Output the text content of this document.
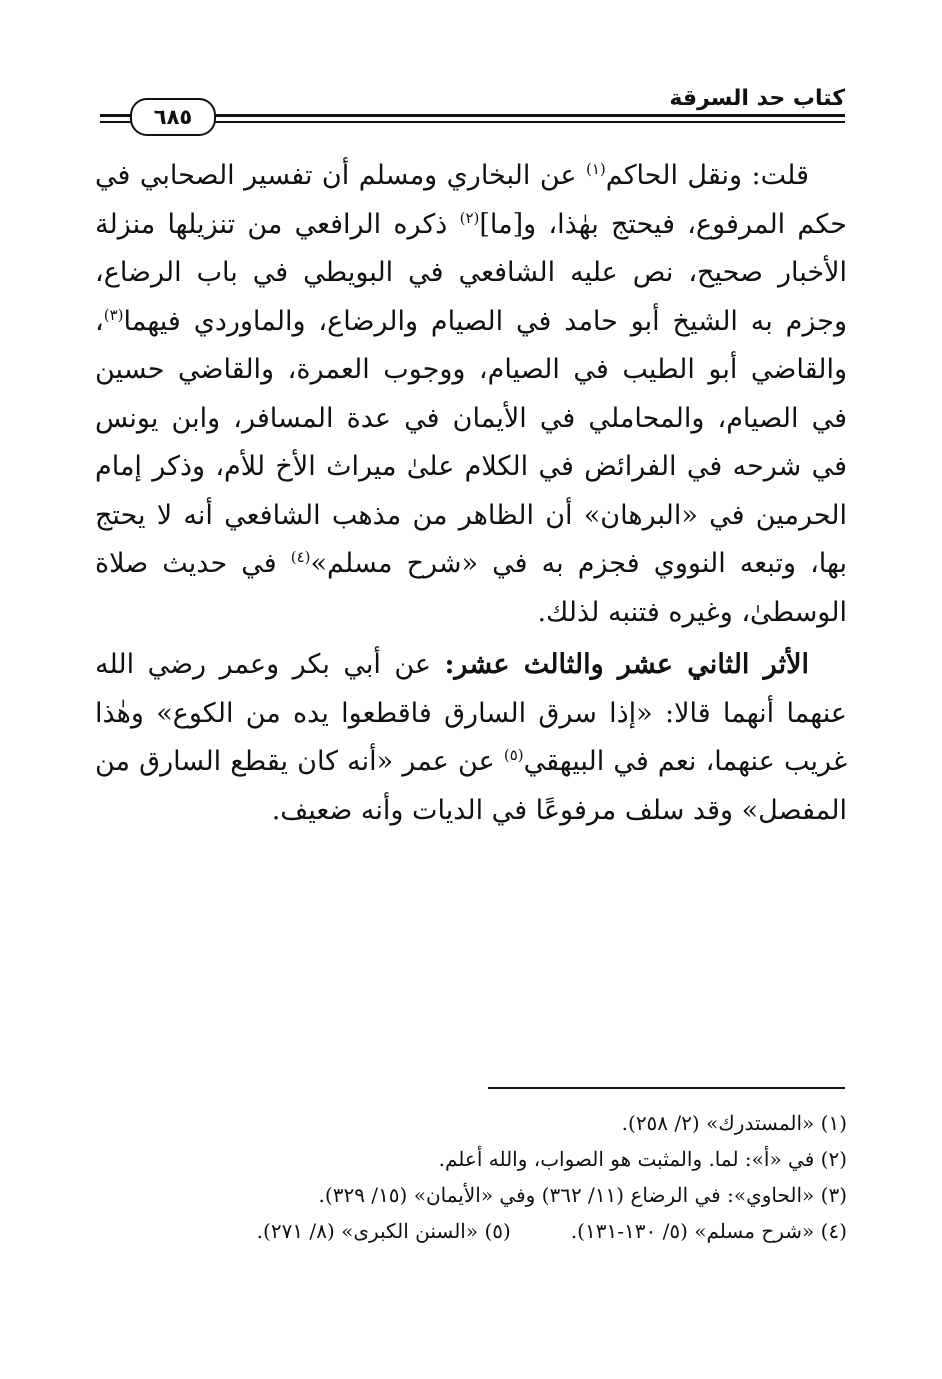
كتاب حد السرقة
٦٨٥

قلت: ونقل الحاكم$^{(١)}$ عن البخاري ومسلم أن تفسير الصحابي في حكم المرفوع، فيحتج بهٰذا، و[ما]$^{(٢)}$ ذكره الرافعي من تنزيلها منزلة الأخبار صحيح، نص عليه الشافعي في البويطي في باب الرضاع، وجزم به الشيخ أبو حامد في الصيام والرضاع، والماوردي فيهما$^{(٣)}$، والقاضي أبو الطيب في الصيام، ووجوب العمرة، والقاضي حسين في الصيام، والمحاملي في الأيمان في عدة المسافر، وابن يونس في شرحه في الفرائض في الكلام علىٰ ميراث الأخ للأم، وذكر إمام الحرمين في «البرهان» أن الظاهر من مذهب الشافعي أنه لا يحتج بها، وتبعه النووي فجزم به في «شرح مسلم»$^{(٤)}$ في حديث صلاة الوسطىٰ، وغيره فتنبه لذلك.

الأثر الثاني عشر والثالث عشر: عن أبي بكر وعمر رضي الله عنهما أنهما قالا: «إذا سرق السارق فاقطعوا يده من الكوع» وهٰذا غريب عنهما، نعم في البيهقي$^{(٥)}$ عن عمر «أنه كان يقطع السارق من المفصل» وقد سلف مرفوعًا في الديات وأنه ضعيف.

(١) «المستدرك» (٢/ ٢٥٨).
(٢) في «أ»: لما. والمثبت هو الصواب، والله أعلم.
(٣) «الحاوي»: في الرضاع (١١/ ٣٦٢) وفي «الأيمان» (١٥/ ٣٢٩).
(٤) «شرح مسلم» (٥/ ١٣٠-١٣١).(٥) «السنن الكبرى» (٨/ ٢٧١).
